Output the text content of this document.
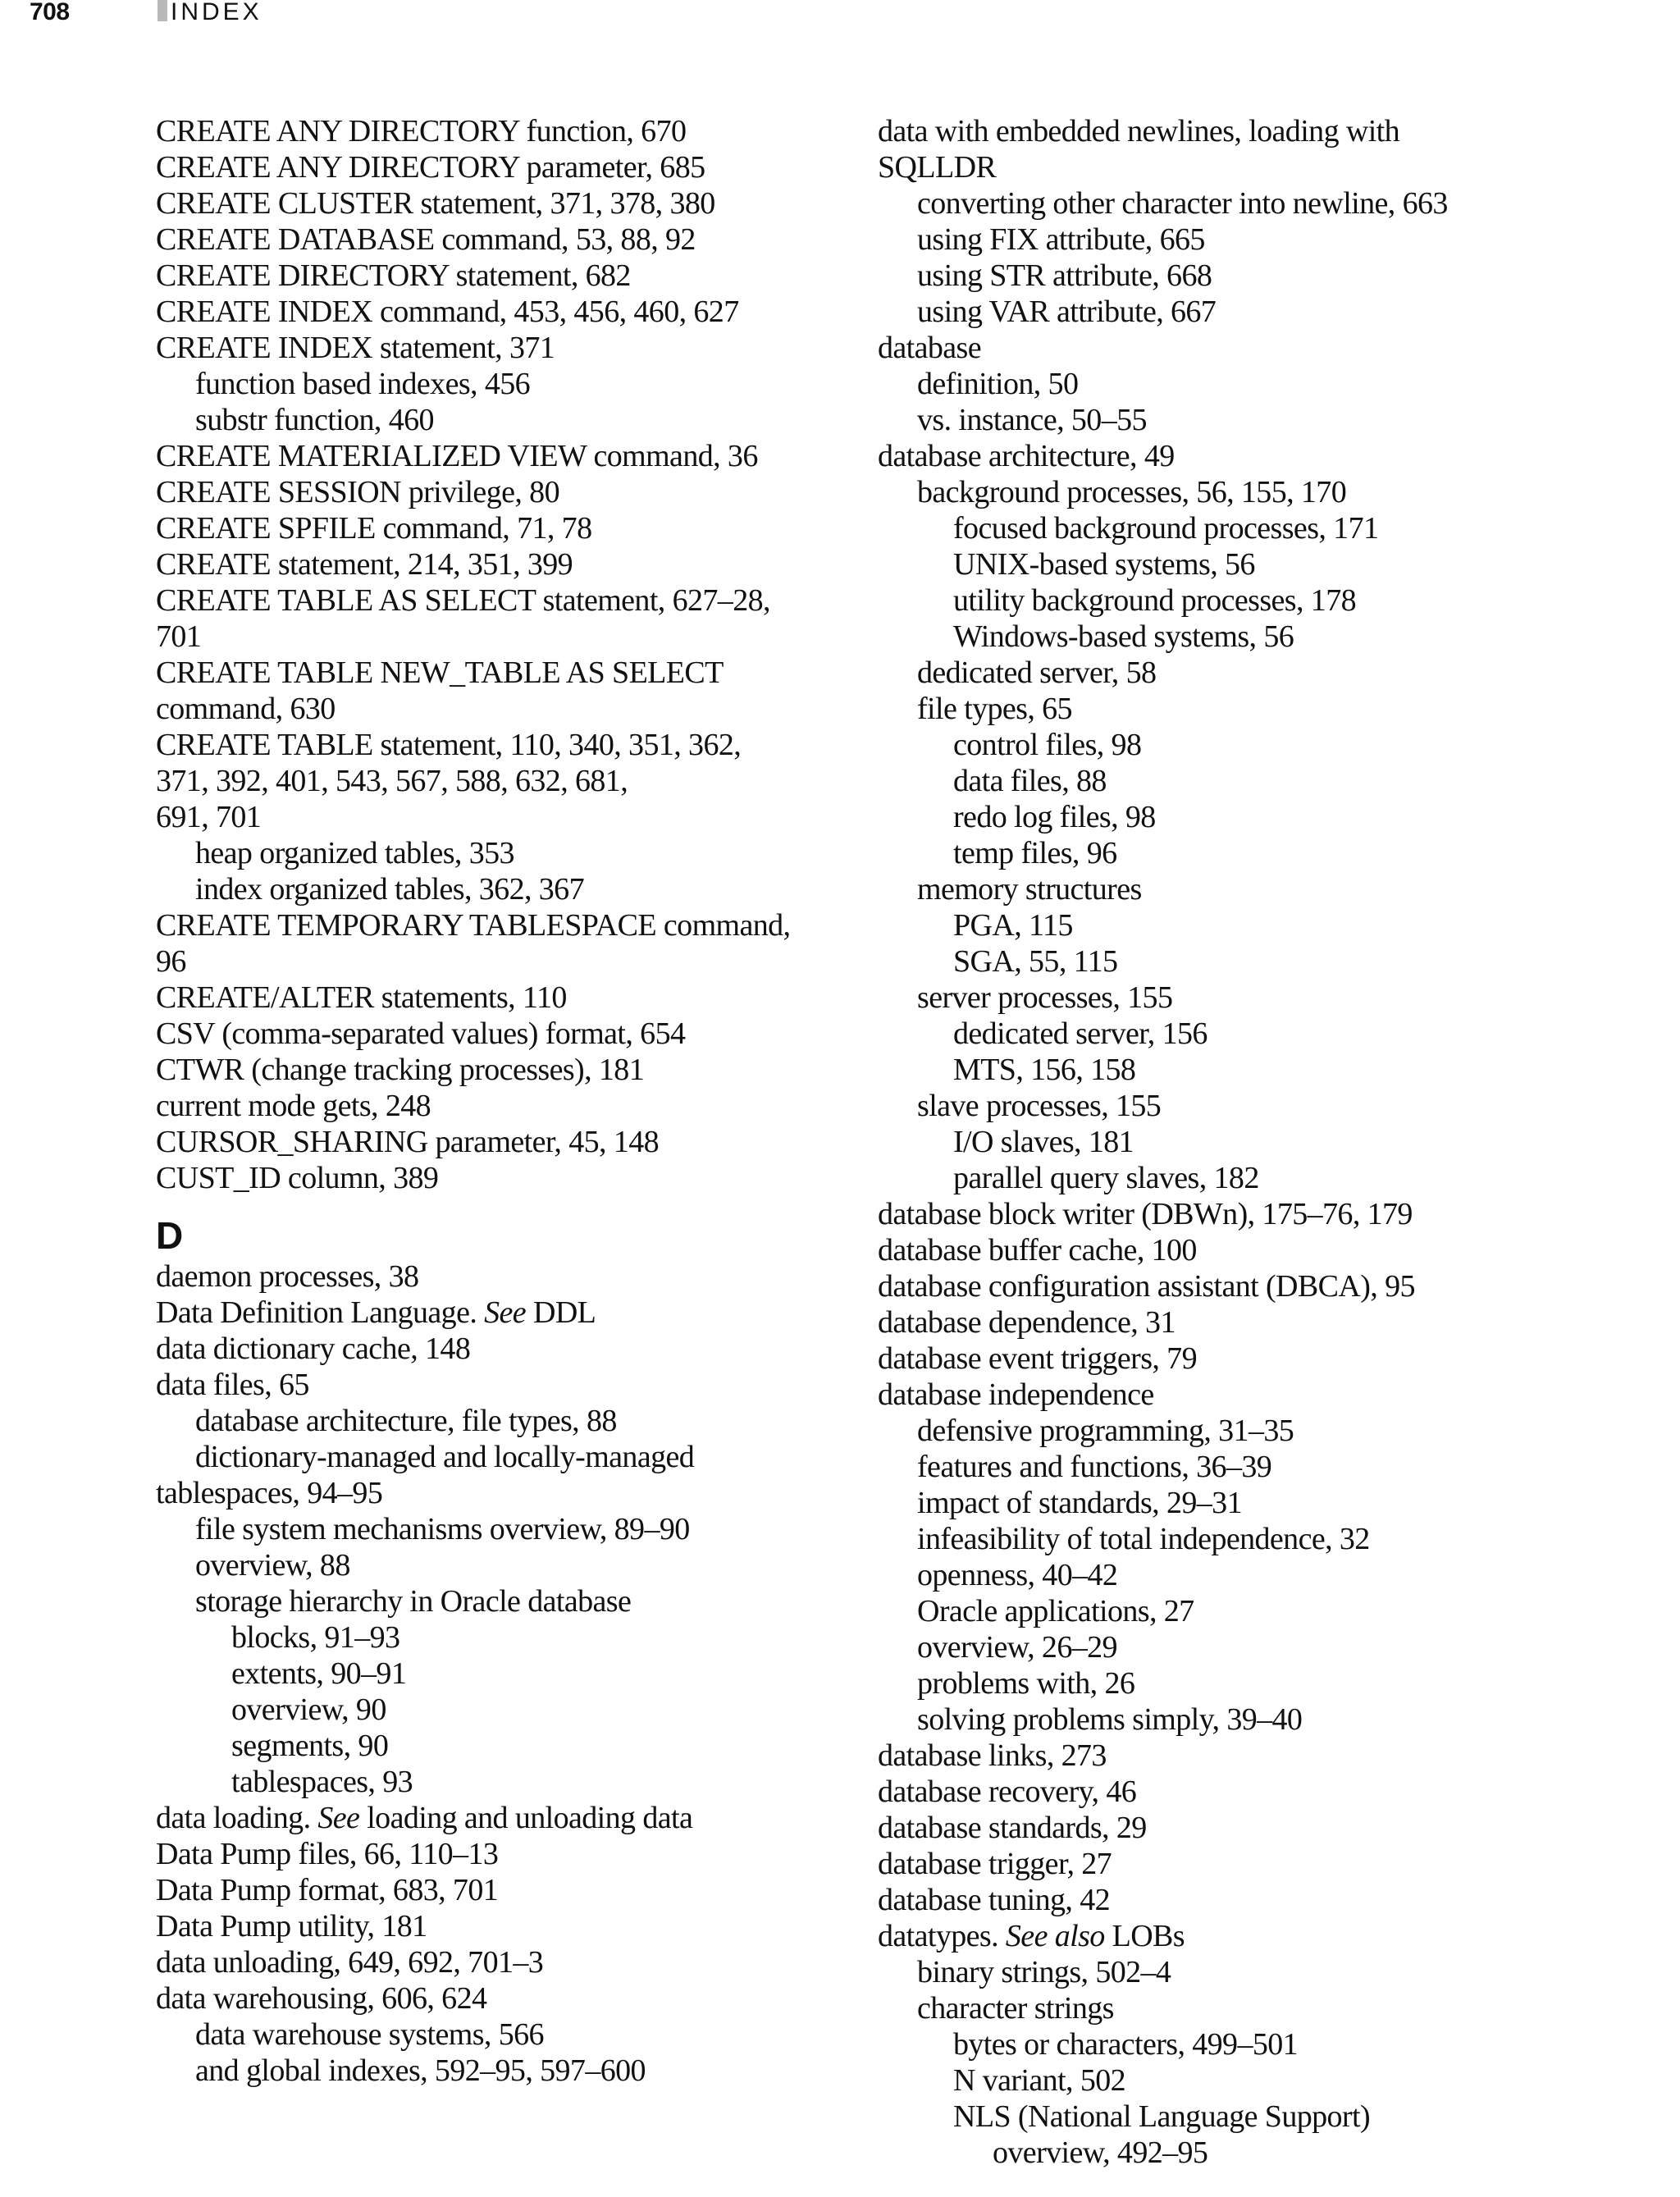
708	INDEX
CREATE ANY DIRECTORY function, 670
CREATE ANY DIRECTORY parameter, 685
CREATE CLUSTER statement, 371, 378, 380
CREATE DATABASE command, 53, 88, 92
CREATE DIRECTORY statement, 682
CREATE INDEX command, 453, 456, 460, 627
CREATE INDEX statement, 371
function based indexes, 456
substr function, 460
CREATE MATERIALIZED VIEW command, 36
CREATE SESSION privilege, 80
CREATE SPFILE command, 71, 78
CREATE statement, 214, 351, 399
CREATE TABLE AS SELECT statement, 627–28,
701
CREATE TABLE NEW_TABLE AS SELECT
command, 630
CREATE TABLE statement, 110, 340, 351, 362,
371, 392, 401, 543, 567, 588, 632, 681,
691, 701
heap organized tables, 353
index organized tables, 362, 367
CREATE TEMPORARY TABLESPACE command,
96
CREATE/ALTER statements, 110
CSV (comma-separated values) format, 654
CTWR (change tracking processes), 181
current mode gets, 248
CURSOR_SHARING parameter, 45, 148
CUST_ID column, 389
D
daemon processes, 38
Data Definition Language. See DDL
data dictionary cache, 148
data files, 65
database architecture, file types, 88
dictionary-managed and locally-managed
tablespaces, 94–95
file system mechanisms overview, 89–90
overview, 88
storage hierarchy in Oracle database
blocks, 91–93
extents, 90–91
overview, 90
segments, 90
tablespaces, 93
data loading. See loading and unloading data
Data Pump files, 66, 110–13
Data Pump format, 683, 701
Data Pump utility, 181
data unloading, 649, 692, 701–3
data warehousing, 606, 624
data warehouse systems, 566
and global indexes, 592–95, 597–600
data with embedded newlines, loading with
SQLLDR
converting other character into newline, 663
using FIX attribute, 665
using STR attribute, 668
using VAR attribute, 667
database
definition, 50
vs. instance, 50–55
database architecture, 49
background processes, 56, 155, 170
focused background processes, 171
UNIX-based systems, 56
utility background processes, 178
Windows-based systems, 56
dedicated server, 58
file types, 65
control files, 98
data files, 88
redo log files, 98
temp files, 96
memory structures
PGA, 115
SGA, 55, 115
server processes, 155
dedicated server, 156
MTS, 156, 158
slave processes, 155
I/O slaves, 181
parallel query slaves, 182
database block writer (DBWn), 175–76, 179
database buffer cache, 100
database configuration assistant (DBCA), 95
database dependence, 31
database event triggers, 79
database independence
defensive programming, 31–35
features and functions, 36–39
impact of standards, 29–31
infeasibility of total independence, 32
openness, 40–42
Oracle applications, 27
overview, 26–29
problems with, 26
solving problems simply, 39–40
database links, 273
database recovery, 46
database standards, 29
database trigger, 27
database tuning, 42
datatypes. See also LOBs
binary strings, 502–4
character strings
bytes or characters, 499–501
N variant, 502
NLS (National Language Support)
overview, 492–95
